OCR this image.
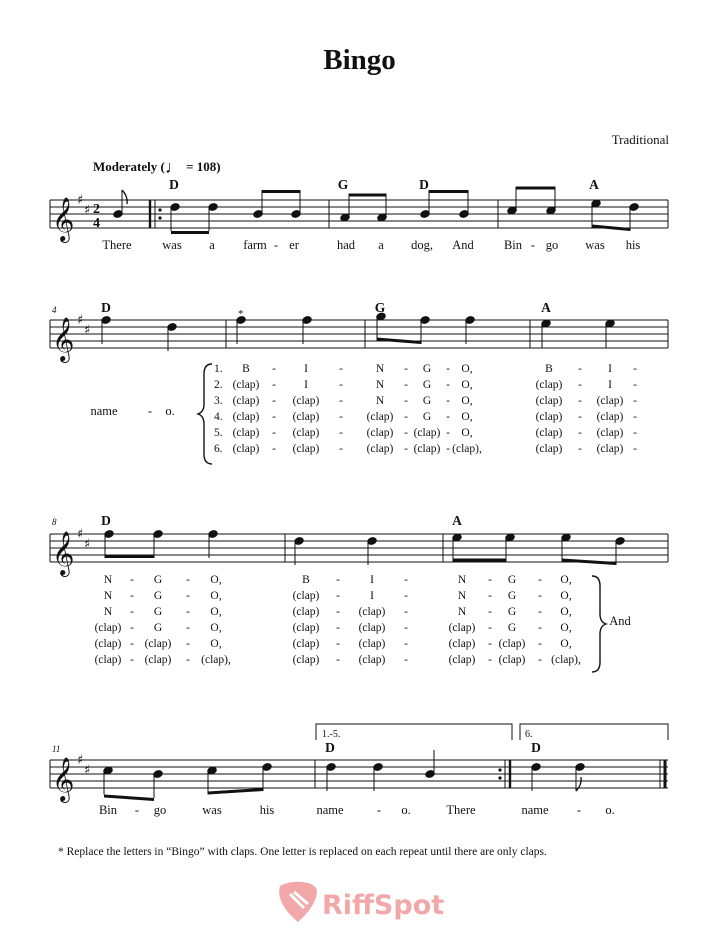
Bingo
Traditional
Moderately (♩ = 108)
𝄞 ♯
♯ 2
4
𝄞 ♯
♯
𝄞 ♯
♯
𝄞 ♯
♯
D	G	D	A
D	G	A
D	A
D	D
4
8
11
There	was	a	farm - er	had	a	dog,	And	Bin - go	was	his
name	-	o.
1.
2.
3.
4.
5.
6.
B	-	I	-	N	-	G	- O,	B	-	I	-
(clap)	-	I	-	N	-	G	- O,	(clap)	-	I	-
(clap)	-	(clap)	-	N	-	G	- O,	(clap)	-	(clap) -
(clap)	-	(clap)	-	(clap) -	G	- O,	(clap)	-	(clap) -
(clap)	-	(clap)	-	(clap) - (clap) - O,	(clap)	-	(clap) -
(clap)	-	(clap)	-	(clap) - (clap) - (clap),	(clap)	-	(clap) -
N	-	G	-	O,	B	-	I	-	N	-	G	-	O,
N	-	G	-	O,	(clap)	-	I	-	N	-	G	-	O,
N	-	G	-	O,	(clap)	-	(clap)	-	N	-	G	-	O,
(clap) -	G	-	O,	(clap)	-	(clap)	-	(clap)	-	G	-	O,
(clap) - (clap)	-	O,	(clap)	-	(clap)	-	(clap)	- (clap)	-	O,
(clap) - (clap)	- (clap),	(clap)	-	(clap)	-	(clap)	- (clap)	- (clap),
And
Bin	-	go	was	his	name	-	o.	There	name	-	o.
*
1.-5.	6.
* Replace the letters in “Bingo” with claps. One letter is replaced on each repeat until there are only claps.
RiffSpot
